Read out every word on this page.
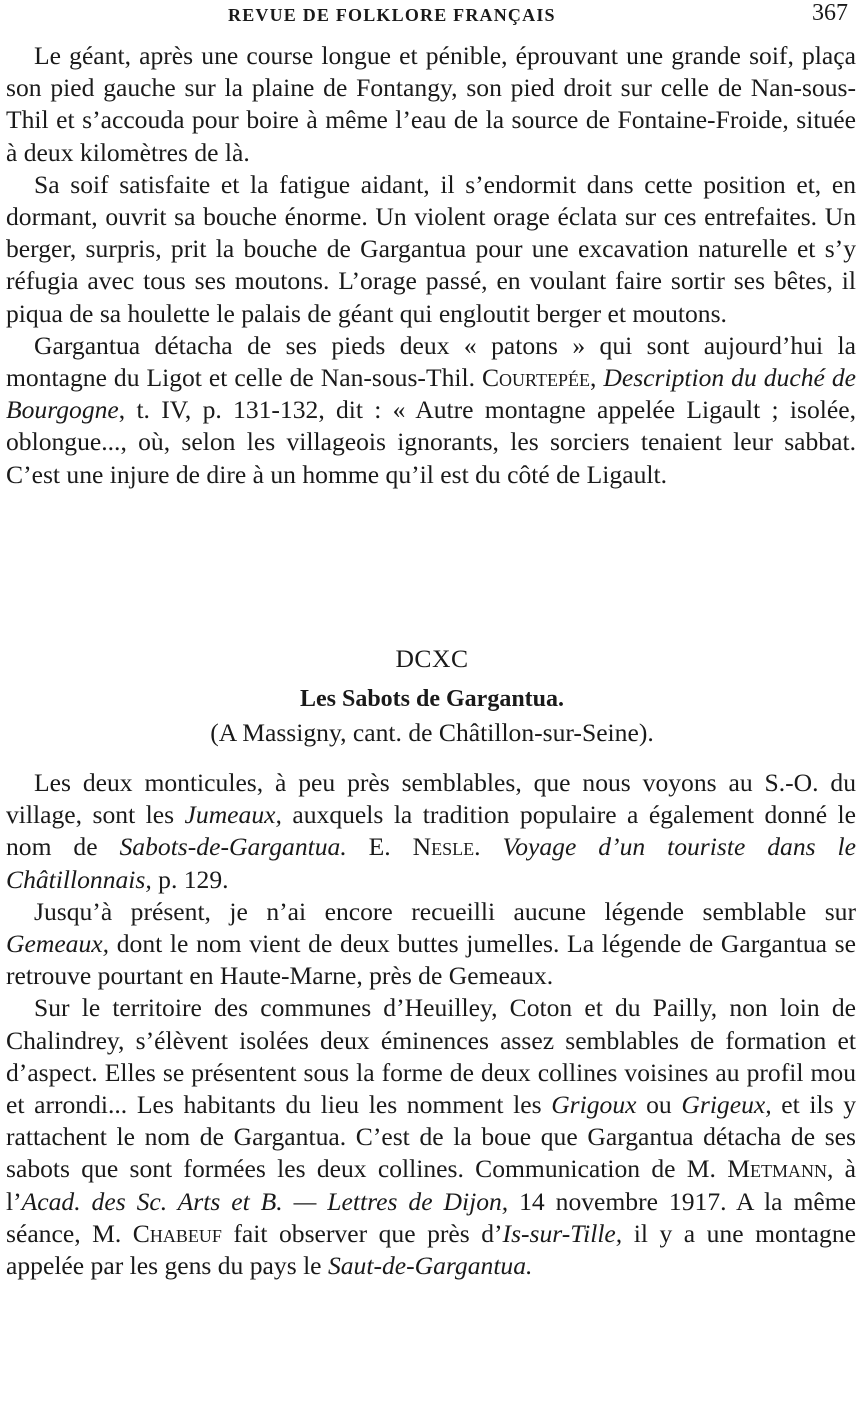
REVUE DE FOLKLORE FRANÇAIS	367

Le géant, après une course longue et pénible, éprouvant une grande soif, plaça son pied gauche sur la plaine de Fontangy, son pied droit sur celle de Nan-sous-Thil et s’accouda pour boire à même l’eau de la source de Fontaine-Froide, située à deux kilomètres de là.

Sa soif satisfaite et la fatigue aidant, il s’endormit dans cette position et, en dormant, ouvrit sa bouche énorme. Un violent orage éclata sur ces entrefaites. Un berger, surpris, prit la bouche de Gargantua pour une excavation naturelle et s’y réfugia avec tous ses moutons. L’orage passé, en voulant faire sortir ses bêtes, il piqua de sa houlette le palais de géant qui engloutit berger et moutons.

Gargantua détacha de ses pieds deux « patons » qui sont aujourd’hui la montagne du Ligot et celle de Nan-sous-Thil. Courtepée, Description du duché de Bourgogne, t. IV, p. 131-132, dit : « Autre montagne appelée Ligault ; isolée, oblongue..., où, selon les villageois ignorants, les sorciers tenaient leur sabbat. C’est une injure de dire à un homme qu’il est du côté de Ligault.

DCXC
Les Sabots de Gargantua.
(A Massigny, cant. de Châtillon-sur-Seine).

Les deux monticules, à peu près semblables, que nous voyons au S.-O. du village, sont les Jumeaux, auxquels la tradition populaire a également donné le nom de Sabots-de-Gargantua. E. Nesle. Voyage d’un touriste dans le Châtillonnais, p. 129.

Jusqu’à présent, je n’ai encore recueilli aucune légende semblable sur Gemeaux, dont le nom vient de deux buttes jumelles. La légende de Gargantua se retrouve pourtant en Haute-Marne, près de Gemeaux.

Sur le territoire des communes d’Heuilley, Coton et du Pailly, non loin de Chalindrey, s’élèvent isolées deux éminences assez semblables de formation et d’aspect. Elles se présentent sous la forme de deux collines voisines au profil mou et arrondi... Les habitants du lieu les nomment les Grigoux ou Grigeux, et ils y rattachent le nom de Gargantua. C’est de la boue que Gargantua détacha de ses sabots que sont formées les deux collines. Communication de M. Metmann, à l’Acad. des Sc. Arts et B. — Lettres de Dijon, 14 novembre 1917. A la même séance, M. Chabeuf fait observer que près d’Is-sur-Tille, il y a une montagne appelée par les gens du pays le Saut-de-Gargantua.
